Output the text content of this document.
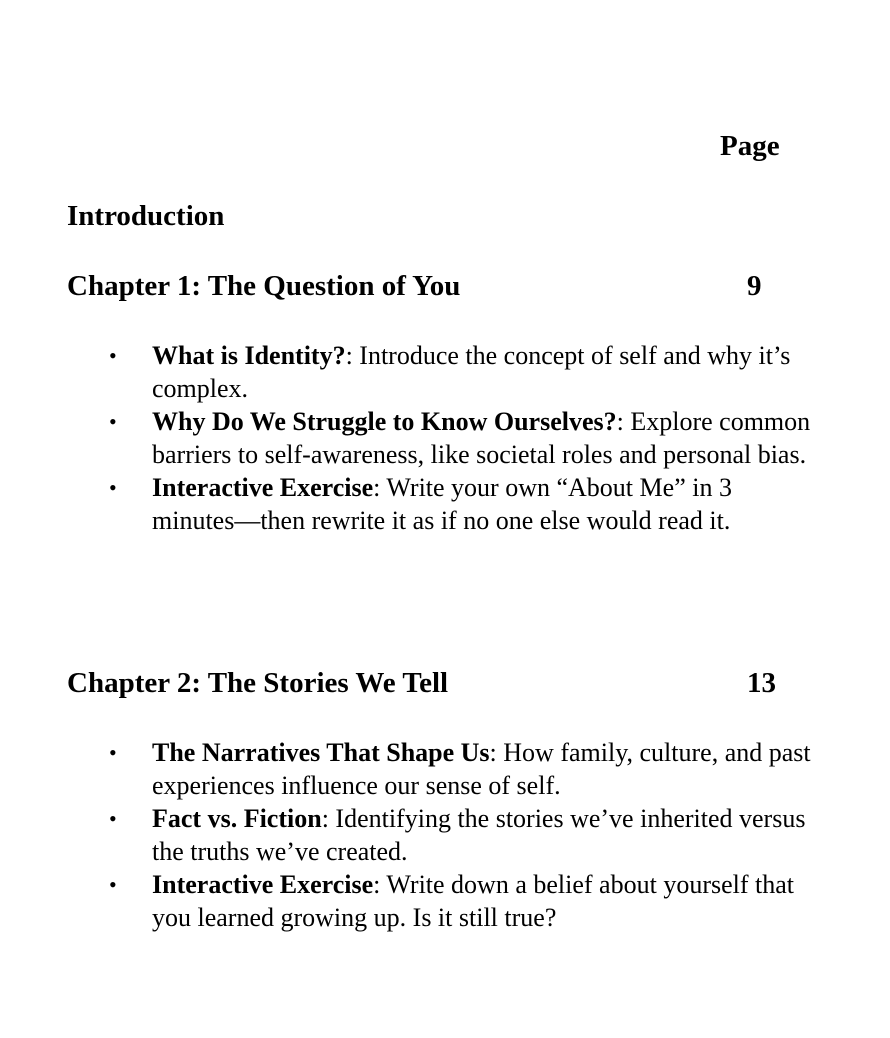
Page

Introduction
Chapter 1: The Question of You	9
• What is Identity?: Introduce the concept of self and why it’s complex.
• Why Do We Struggle to Know Ourselves?: Explore common barriers to self-awareness, like societal roles and personal bias.
• Interactive Exercise: Write your own “About Me” in 3 minutes—then rewrite it as if no one else would read it.
Chapter 2: The Stories We Tell	13
• The Narratives That Shape Us: How family, culture, and past experiences influence our sense of self.
• Fact vs. Fiction: Identifying the stories we’ve inherited versus the truths we’ve created.
• Interactive Exercise: Write down a belief about yourself that you learned growing up. Is it still true?
